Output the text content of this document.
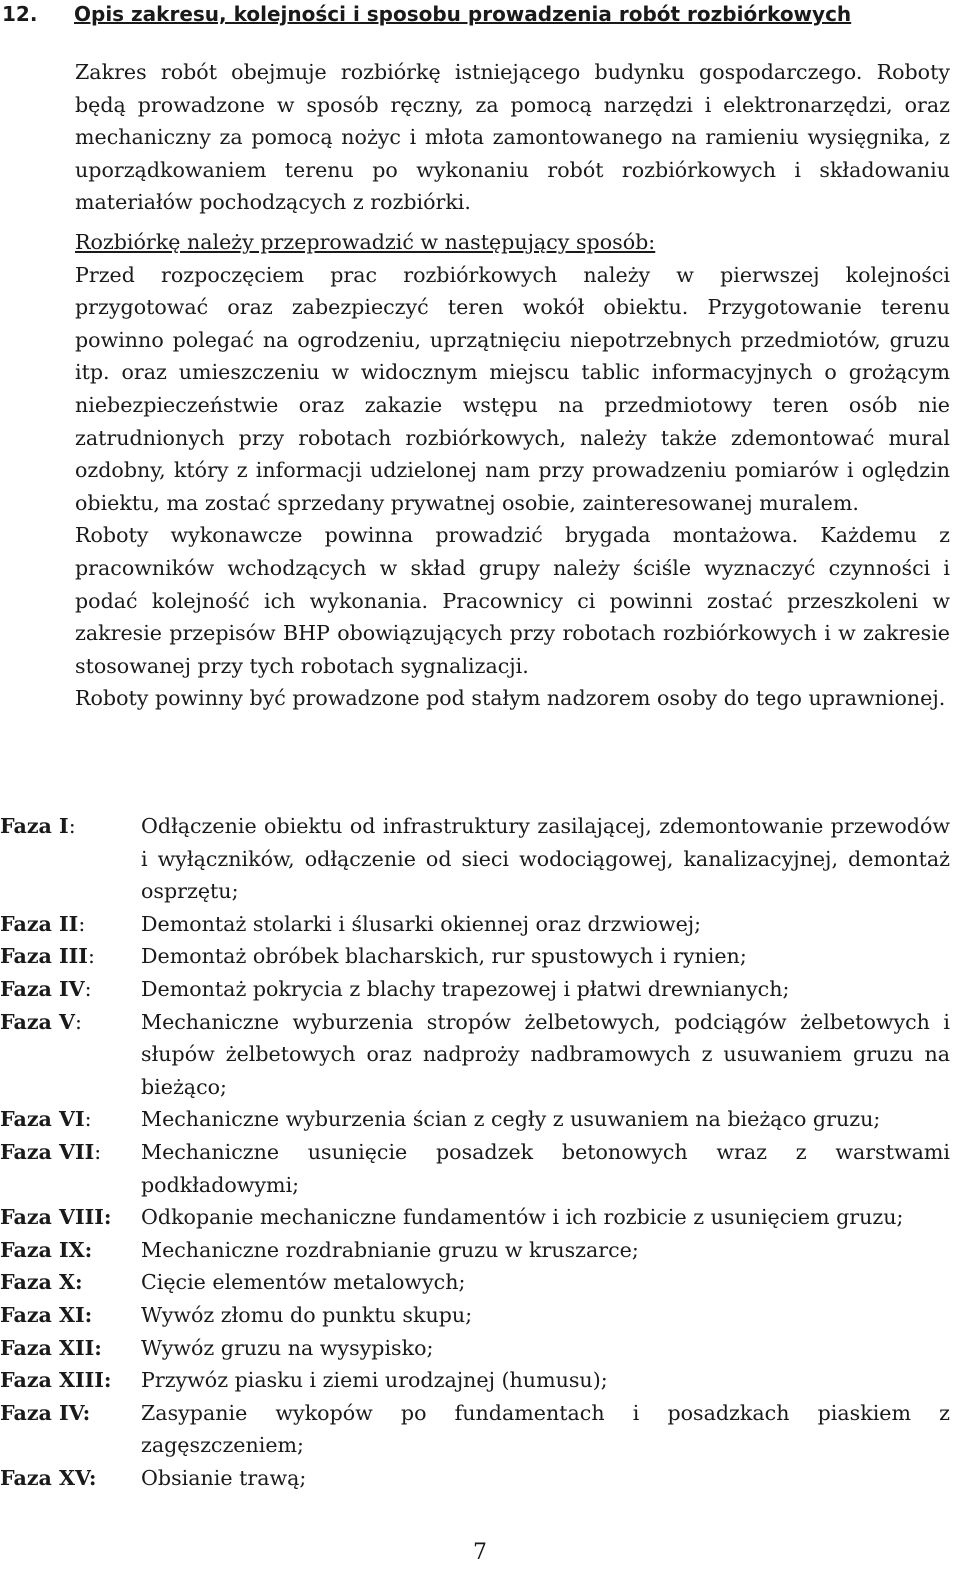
12. Opis zakresu, kolejności i sposobu prowadzenia robót rozbiórkowych

Zakres robót obejmuje rozbiórkę istniejącego budynku gospodarczego. Roboty będą prowadzone w sposób ręczny, za pomocą narzędzi i elektronarzędzi, oraz mechaniczny za pomocą nożyc i młota zamontowanego na ramieniu wysięgnika, z uporządkowaniem terenu po wykonaniu robót rozbiórkowych i składowaniu materiałów pochodzących z rozbiórki.

Rozbiórkę należy przeprowadzić w następujący sposób:

Przed rozpoczęciem prac rozbiórkowych należy w pierwszej kolejności przygotować oraz zabezpieczyć teren wokół obiektu. Przygotowanie terenu powinno polegać na ogrodzeniu, uprzątnięciu niepotrzebnych przedmiotów, gruzu itp. oraz umieszczeniu w widocznym miejscu tablic informacyjnych o grożącym niebezpieczeństwie oraz zakazie wstępu na przedmiotowy teren osób nie zatrudnionych przy robotach rozbiórkowych, należy także zdemontować mural ozdobny, który z informacji udzielonej nam przy prowadzeniu pomiarów i oględzin obiektu, ma zostać sprzedany prywatnej osobie, zainteresowanej muralem.

Roboty wykonawcze powinna prowadzić brygada montażowa. Każdemu z pracowników wchodzących w skład grupy należy ściśle wyznaczyć czynności i podać kolejność ich wykonania. Pracownicy ci powinni zostać przeszkoleni w zakresie przepisów BHP obowiązujących przy robotach rozbiórkowych i w zakresie stosowanej przy tych robotach sygnalizacji.

Roboty powinny być prowadzone pod stałym nadzorem osoby do tego uprawnionej.

Faza I:	Odłączenie obiektu od infrastruktury zasilającej, zdemontowanie przewodów i wyłączników, odłączenie od sieci wodociągowej, kanalizacyjnej, demontaż osprzętu;
Faza II:	Demontaż stolarki i ślusarki okiennej oraz drzwiowej;
Faza III:	Demontaż obróbek blacharskich, rur spustowych i rynien;
Faza IV:	Demontaż pokrycia z blachy trapezowej i płatwi drewnianych;
Faza V:	Mechaniczne wyburzenia stropów żelbetowych, podciągów żelbetowych i słupów żelbetowych oraz nadproży nadbramowych z usuwaniem gruzu na bieżąco;
Faza VI:	Mechaniczne wyburzenia ścian z cegły z usuwaniem na bieżąco gruzu;
Faza VII:	Mechaniczne usunięcie posadzek betonowych wraz z warstwami podkładowymi;
Faza VIII:	Odkopanie mechaniczne fundamentów i ich rozbicie z usunięciem gruzu;
Faza IX:	Mechaniczne rozdrabnianie gruzu w kruszarce;
Faza X:	Cięcie elementów metalowych;
Faza XI:	Wywóz złomu do punktu skupu;
Faza XII:	Wywóz gruzu na wysypisko;
Faza XIII:	Przywóz piasku i ziemi urodzajnej (humusu);
Faza IV:	Zasypanie wykopów po fundamentach i posadzkach piaskiem z zagęszczeniem;
Faza XV:	Obsianie trawą;
7
